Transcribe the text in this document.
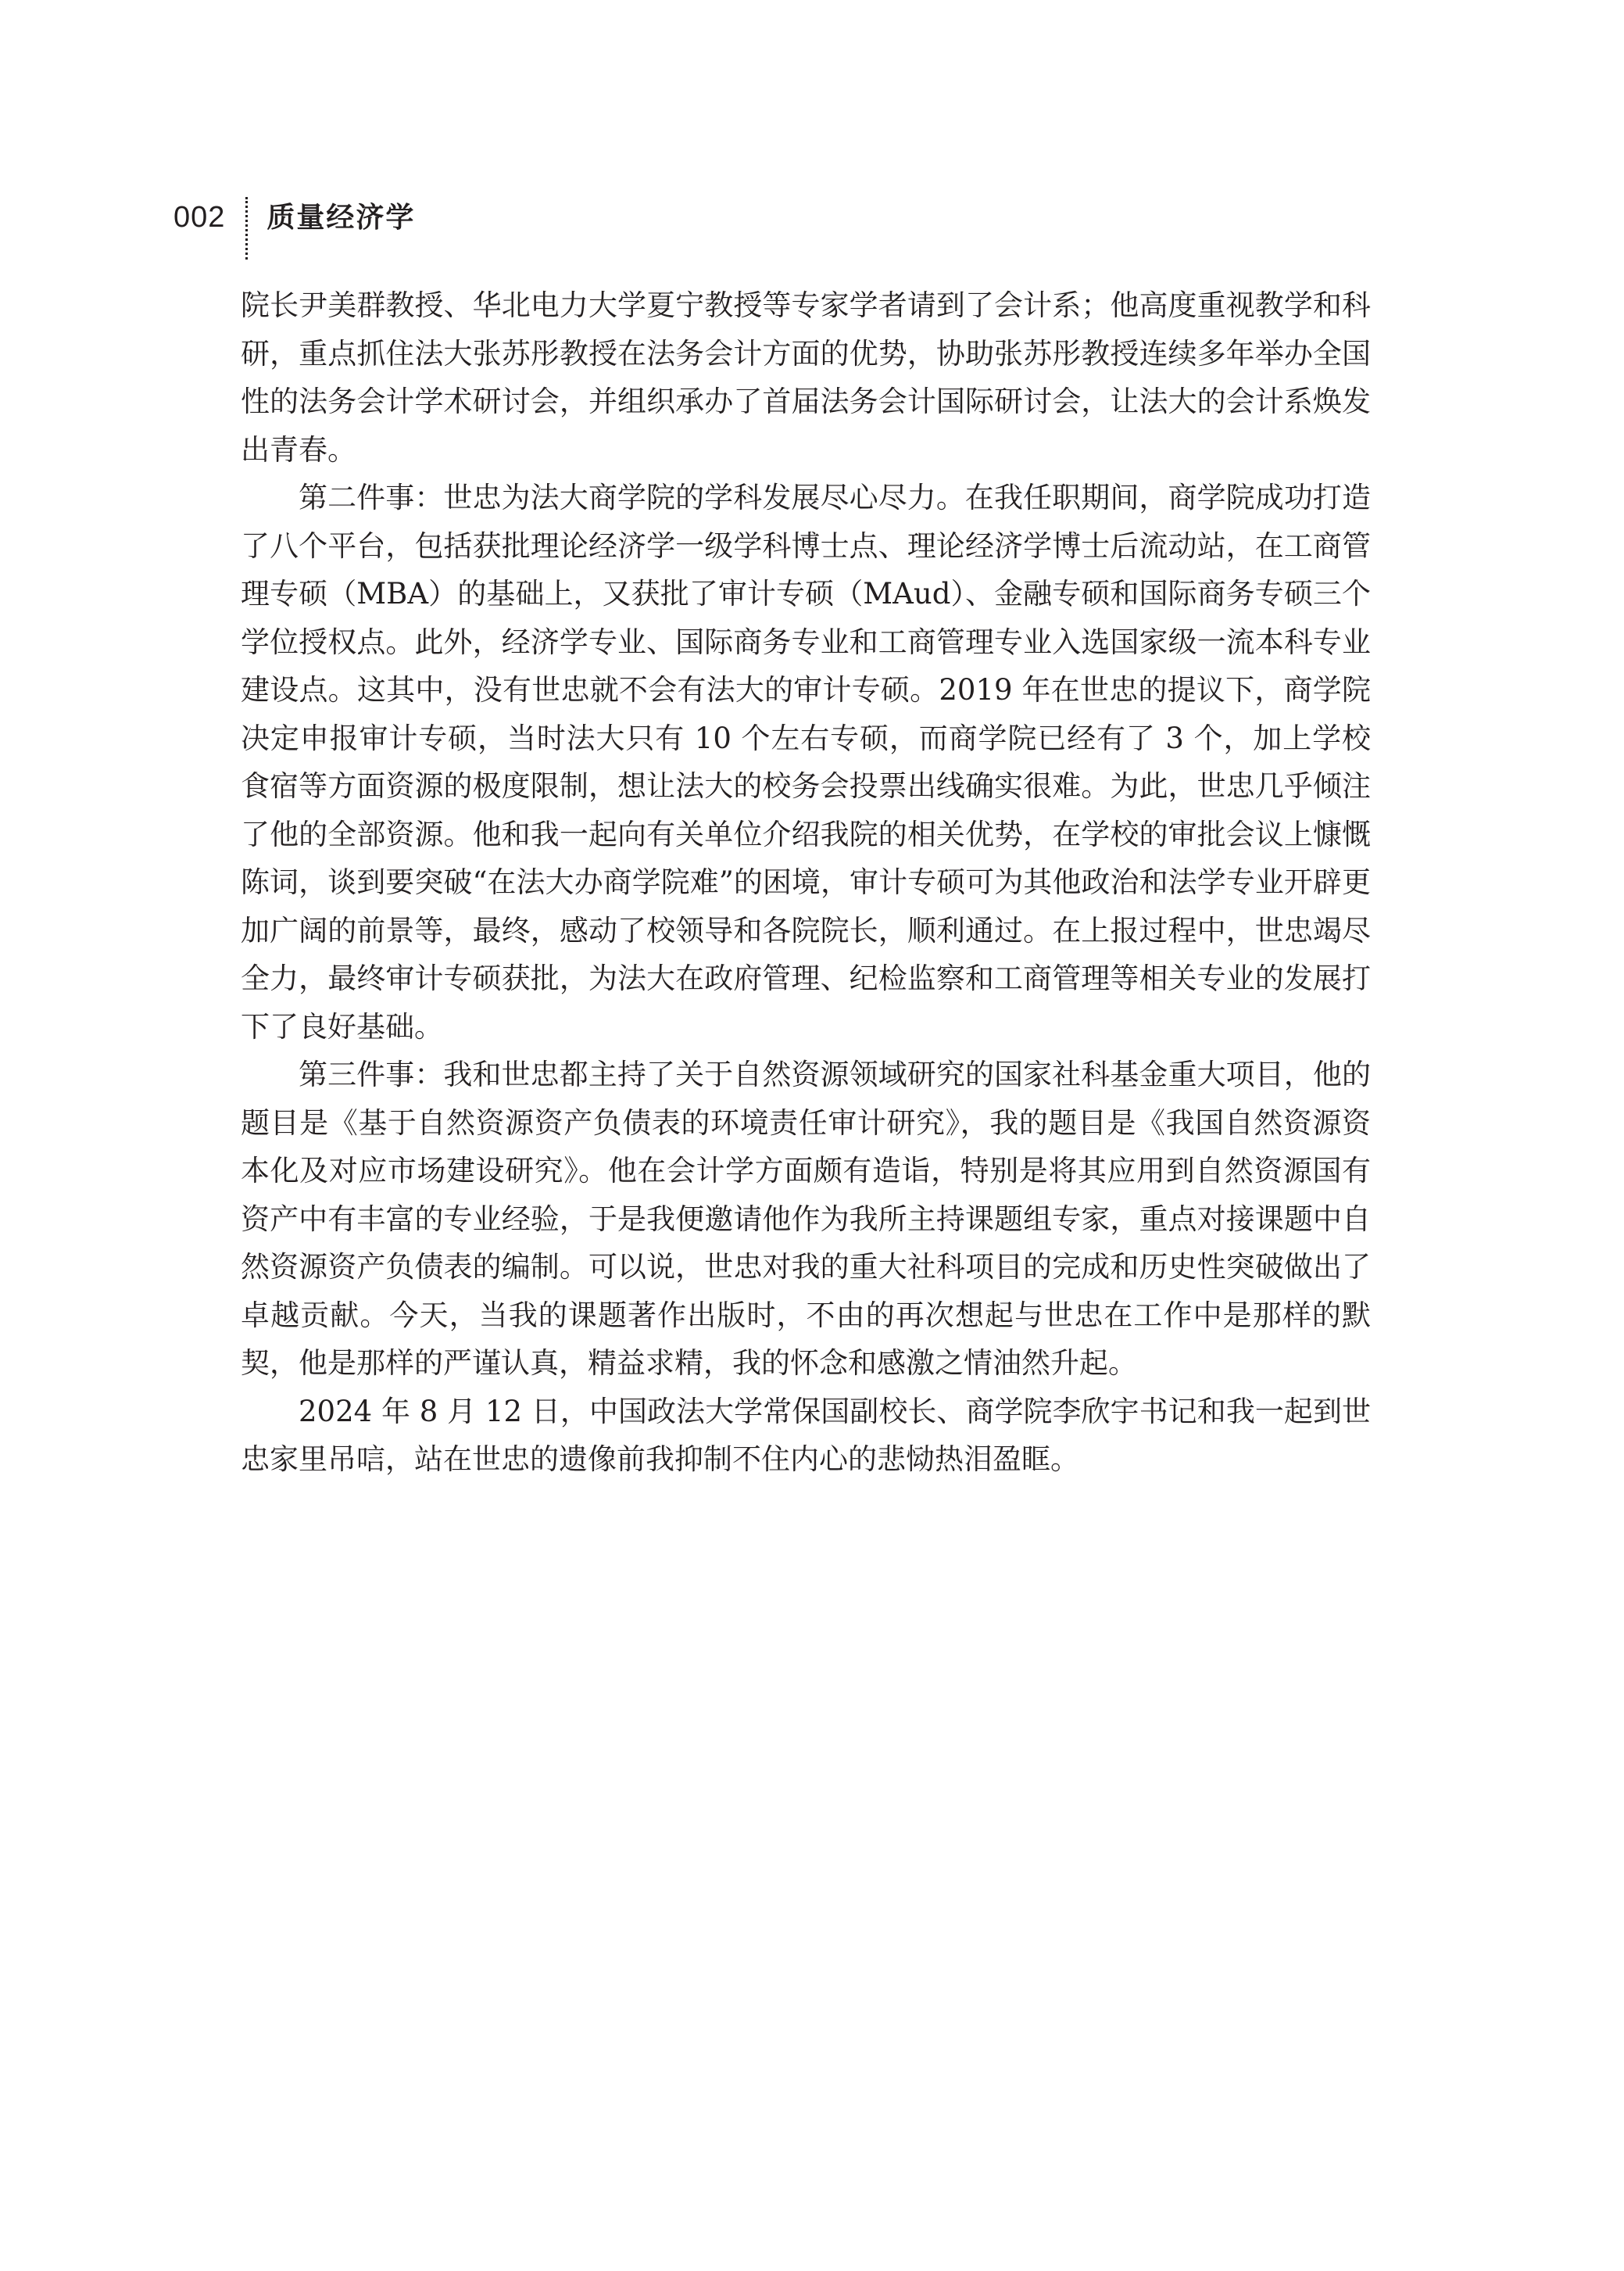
002 质量经济学

院长尹美群教授、华北电力大学夏宁教授等专家学者请到了会计系；他高度重视教学和科研，重点抓住法大张苏彤教授在法务会计方面的优势，协助张苏彤教授连续多年举办全国性的法务会计学术研讨会，并组织承办了首届法务会计国际研讨会，让法大的会计系焕发出青春。

第二件事：世忠为法大商学院的学科发展尽心尽力。在我任职期间，商学院成功打造了八个平台，包括获批理论经济学一级学科博士点、理论经济学博士后流动站，在工商管理专硕（MBA）的基础上，又获批了审计专硕（MAud）、金融专硕和国际商务专硕三个学位授权点。此外，经济学专业、国际商务专业和工商管理专业入选国家级一流本科专业建设点。这其中，没有世忠就不会有法大的审计专硕。2019 年在世忠的提议下，商学院决定申报审计专硕，当时法大只有 10 个左右专硕，而商学院已经有了 3 个，加上学校食宿等方面资源的极度限制，想让法大的校务会投票出线确实很难。为此，世忠几乎倾注了他的全部资源。他和我一起向有关单位介绍我院的相关优势，在学校的审批会议上慷慨陈词，谈到要突破“在法大办商学院难”的困境，审计专硕可为其他政治和法学专业开辟更加广阔的前景等，最终，感动了校领导和各院院长，顺利通过。在上报过程中，世忠竭尽全力，最终审计专硕获批，为法大在政府管理、纪检监察和工商管理等相关专业的发展打下了良好基础。

第三件事：我和世忠都主持了关于自然资源领域研究的国家社科基金重大项目，他的题目是《基于自然资源资产负债表的环境责任审计研究》，我的题目是《我国自然资源资本化及对应市场建设研究》。他在会计学方面颇有造诣，特别是将其应用到自然资源国有资产中有丰富的专业经验，于是我便邀请他作为我所主持课题组专家，重点对接课题中自然资源资产负债表的编制。可以说，世忠对我的重大社科项目的完成和历史性突破做出了卓越贡献。今天，当我的课题著作出版时，不由的再次想起与世忠在工作中是那样的默契，他是那样的严谨认真，精益求精，我的怀念和感激之情油然升起。

2024 年 8 月 12 日，中国政法大学常保国副校长、商学院李欣宇书记和我一起到世忠家里吊唁，站在世忠的遗像前我抑制不住内心的悲恸热泪盈眶。
